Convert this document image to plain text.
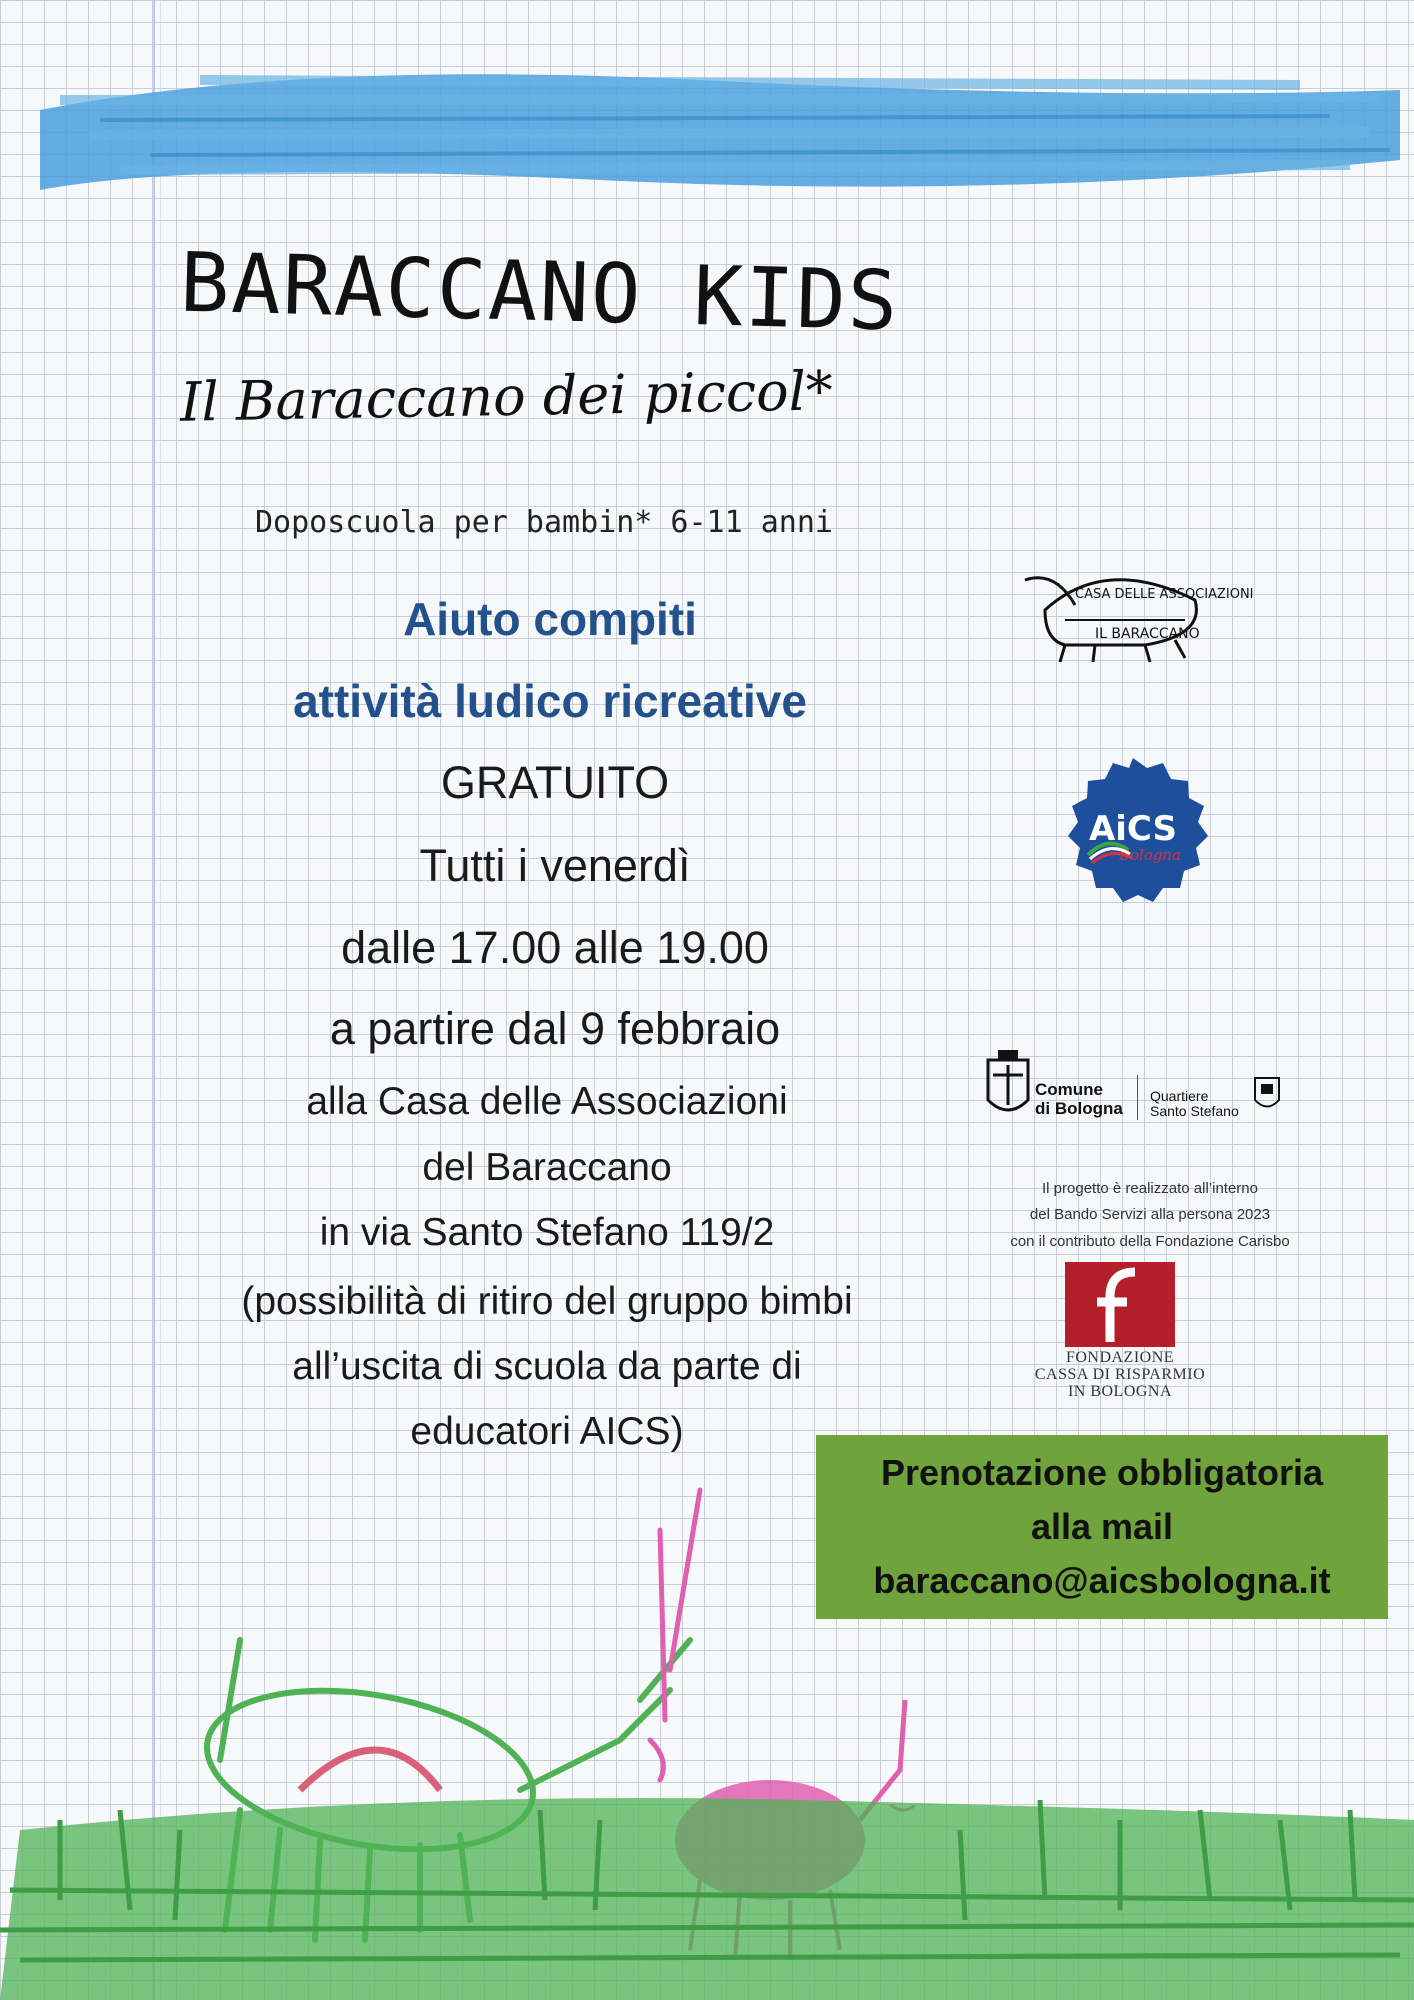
BARACCANO KIDS
Il Baraccano dei piccol*
Doposcuola per bambin* 6-11 anni
Aiuto compiti
attività ludico ricreative
GRATUITO
Tutti i venerdì
dalle 17.00 alle 19.00
a partire dal 9 febbraio
alla Casa delle Associazioni
del Baraccano
in via Santo Stefano 119/2
(possibilità di ritiro del gruppo bimbi
all’uscita di scuola da parte di
educatori AICS)
CASA DELLE ASSOCIAZIONI
IL BARACCANO
AiCS
Bologna
Comune
di Bologna
Quartiere
Santo Stefano
Il progetto è realizzato all’interno
del Bando Servizi alla persona 2023
con il contributo della Fondazione Carisbo
FONDAZIONE
CASSA DI RISPARMIO
IN BOLOGNA
Prenotazione obbligatoria
alla mail
baraccano@aicsbologna.it
